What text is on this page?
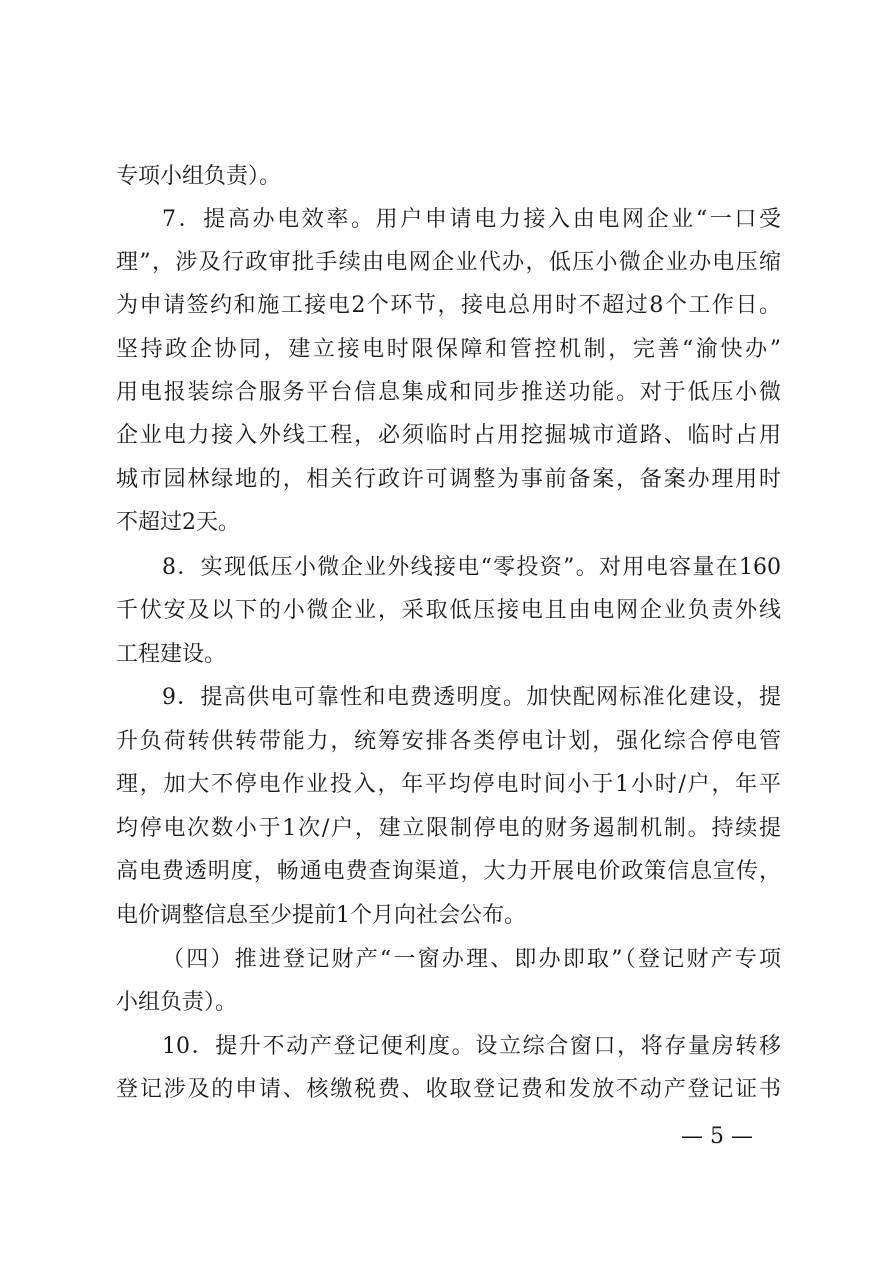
专项小组负责）。
7．提高办电效率。用户申请电力接入由电网企业“一口受
理”，涉及行政审批手续由电网企业代办，低压小微企业办电压缩
为申请签约和施工接电2个环节，接电总用时不超过8个工作日。
坚持政企协同，建立接电时限保障和管控机制，完善“渝快办”
用电报装综合服务平台信息集成和同步推送功能。对于低压小微
企业电力接入外线工程，必须临时占用挖掘城市道路、临时占用
城市园林绿地的，相关行政许可调整为事前备案，备案办理用时
不超过2天。
8．实现低压小微企业外线接电“零投资”。对用电容量在160
千伏安及以下的小微企业，采取低压接电且由电网企业负责外线
工程建设。
9．提高供电可靠性和电费透明度。加快配网标准化建设，提
升负荷转供转带能力，统筹安排各类停电计划，强化综合停电管
理，加大不停电作业投入，年平均停电时间小于1小时/户，年平
均停电次数小于1次/户，建立限制停电的财务遏制机制。持续提
高电费透明度，畅通电费查询渠道，大力开展电价政策信息宣传，
电价调整信息至少提前1个月向社会公布。
（四）推进登记财产“一窗办理、即办即取”（登记财产专项
小组负责）。
10．提升不动产登记便利度。设立综合窗口，将存量房转移
登记涉及的申请、核缴税费、收取登记费和发放不动产登记证书
— 5 —
